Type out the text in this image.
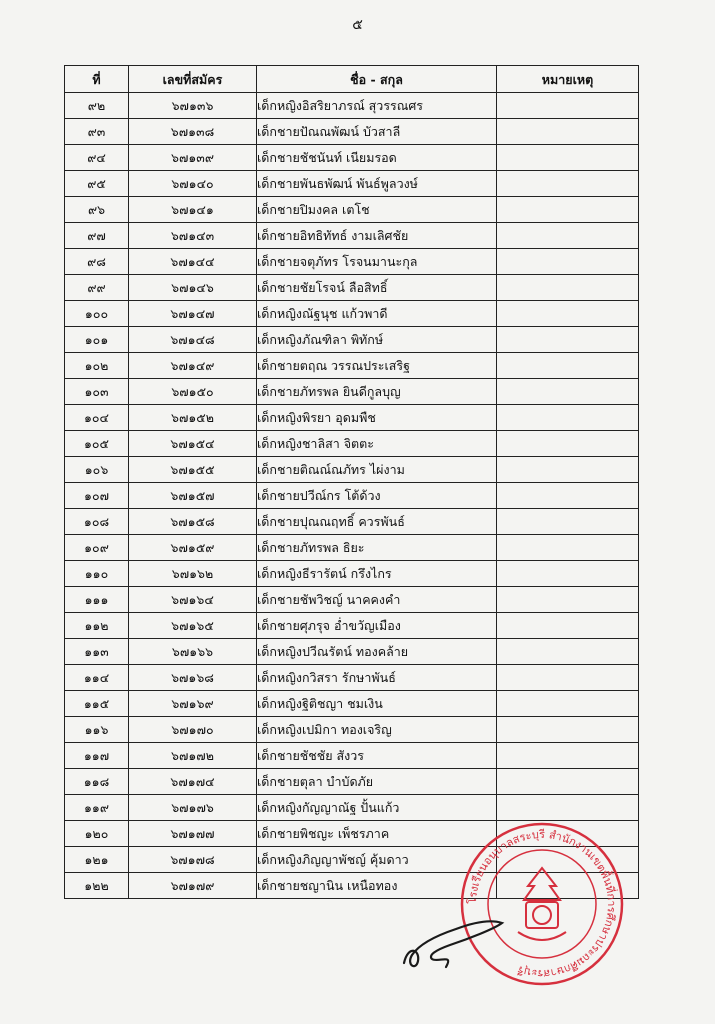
๕
ที่	เลขที่สมัคร	ชื่อ - สกุล	หมายเหตุ
๙๒	๖๗๑๓๖	เด็กหญิงอิสริยาภรณ์ สุวรรณศร	
๙๓	๖๗๑๓๘	เด็กชายปัณณพัฒน์ บัวสาลี	
๙๔	๖๗๑๓๙	เด็กชายชัชนันท์ เนียมรอด	
๙๕	๖๗๑๔๐	เด็กชายพันธพัฒน์ พันธ์พูลวงษ์	
๙๖	๖๗๑๔๑	เด็กชายปิมงคล เตโช	
๙๗	๖๗๑๔๓	เด็กชายอิทธิทัทธ์ งามเลิศชัย	
๙๘	๖๗๑๔๔	เด็กชายจตุภัทร โรจนมานะกุล	
๙๙	๖๗๑๔๖	เด็กชายชัยโรจน์ ลือสิทธิ์	
๑๐๐	๖๗๑๔๗	เด็กหญิงณัฐนุช แก้วพาดี	
๑๐๑	๖๗๑๔๘	เด็กหญิงภัณฑิลา พิทักษ์	
๑๐๒	๖๗๑๔๙	เด็กชายตฤณ วรรณประเสริฐ	
๑๐๓	๖๗๑๕๐	เด็กชายภัทรพล ยินดีกูลบุญ	
๑๐๔	๖๗๑๕๒	เด็กหญิงพิรยา อุดมพืช	
๑๐๕	๖๗๑๕๔	เด็กหญิงชาลิสา จิตตะ	
๑๐๖	๖๗๑๕๕	เด็กชายติณณ์ณภัทร ไผ่งาม	
๑๐๗	๖๗๑๕๗	เด็กชายปวีณ์กร โต้ด้วง	
๑๐๘	๖๗๑๕๘	เด็กชายปุณณฤทธิ์ ควรพันธ์	
๑๐๙	๖๗๑๕๙	เด็กชายภัทรพล ธิยะ	
๑๑๐	๖๗๑๖๒	เด็กหญิงธีรารัตน์ กรึงไกร	
๑๑๑	๖๗๑๖๔	เด็กชายชัพวิชญ์ นาคคงคำ	
๑๑๒	๖๗๑๖๕	เด็กชายศุภรุจ อ่ำขวัญเมือง	
๑๑๓	๖๗๑๖๖	เด็กหญิงปวีณรัตน์ ทองคล้าย	
๑๑๔	๖๗๑๖๘	เด็กหญิงกวิสรา รักษาพันธ์	
๑๑๕	๖๗๑๖๙	เด็กหญิงฐิติชญา ชมเงิน	
๑๑๖	๖๗๑๗๐	เด็กหญิงเปมิกา ทองเจริญ	
๑๑๗	๖๗๑๗๒	เด็กชายชัชชัย สังวร	
๑๑๘	๖๗๑๗๔	เด็กชายตุลา บำบัดภัย	
๑๑๙	๖๗๑๗๖	เด็กหญิงกัญญาณัฐ ปั้นแก้ว	
๑๒๐	๖๗๑๗๗	เด็กชายพิชญะ เพ็ชรภาค	
๑๒๑	๖๗๑๗๘	เด็กหญิงภิญญาพัชญ์ คุ้มดาว	
๑๒๒	๖๗๑๗๙	เด็กชายชญานิน เหนือทอง	
โรงเรียนอนุบาลสระบุรี สำนักงานเขตพื้นที่การศึกษาประถมศึกษาสระบุรี
